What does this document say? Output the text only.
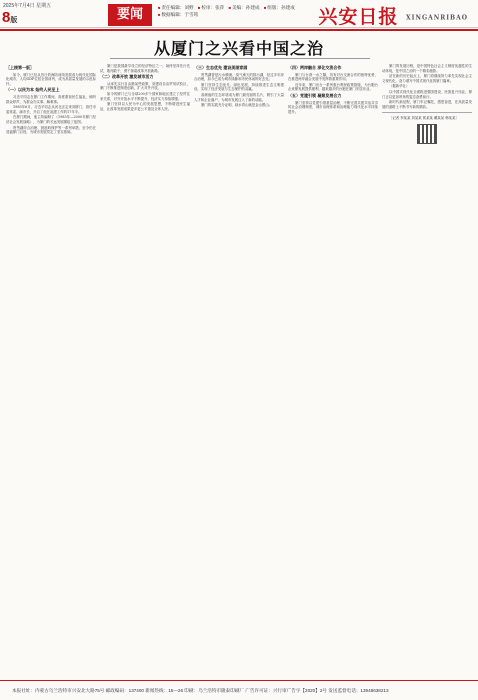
2025年7月4日 星期五
8版	要闻	■ 责任编辑：刘野 ■ 校审：张萍 ■ 美编：孙建成 ■ 组版：孙建成 ■ 数据编辑：于雪筠	兴安日报 XINGANRIBAO
从厦门之兴看中国之治
［上接第一版］

如今，厦门已经从昔日的海防前线发展成为现代化国际化城市，人均GDP位居全国前列，成为高质量发展的示范标杆。

（一）以民为本 始终人民至上

习近平同志在厦门工作期间，高度重视民生福祉，倾听群众呼声，为群众办实事、解难事。

1985年6月，习近平同志从河北正定来到厦门，担任市委常委、副市长，开启了他在福建工作的17年半。

在厦门期间，他主持编制了《1985年—2000年厦门经济社会发展战略》，为厦门的长远发展描绘了蓝图。

筼筜湖综合治理、鼓浪屿保护等一系列举措，至今仍在造福厦门百姓，为城市发展奠定了坚实基础。

厦门是我国最早设立的经济特区之一，始终坚持先行先试，敢闯敢干，勇于探索改革开放新路。

（二）改革开放 激发城市活力

从率先实行自由港某些政策，到建设自由贸易试验区，厦门不断推进制度创新，扩大对外开放。

如今的厦门已与全球200多个国家和地区建立了经贸往来关系，对外开放水平不断提升，经济实力持续增强。

厦门坚持以人民为中心的发展思想，不断增进民生福祉，让改革发展成果更多更公平惠及全体人民。

（三）生态优先 建设美丽家园

筼筜湖曾是污水横流、臭气熏天的排污湖，经过多年综合治理，如今已成为城市绿肺和市民休闲的好去处。

厦门坚持生态优先、绿色发展，持续推进生态文明建设，实现了经济发展与生态保护的双赢。

高颜值的生态环境成为厦门最亮丽的名片，吸引了大量人才和企业落户，为城市发展注入了新的动能。

厦门的实践充分证明，绿水青山就是金山银山。

（四）两岸融合 深化交流合作

厦门与台湾一水之隔，具有对台交流合作的独特优势，在推进两岸融合发展中发挥着重要作用。

近年来，厦门出台一系列惠台利民政策措施，为台胞台企来厦发展提供便利，越来越多的台胞在厦门安居乐业。

（五）党建引领 凝聚发展合力

厦门坚持以党建引领基层治理，不断完善共建共治共享的社会治理制度，城市治理体系和治理能力现代化水平持续提升。

厦门的发展历程，是中国特色社会主义制度优越性的生动体现，是中国之治的一个精彩缩影。

站在新的历史起点上，厦门将继续努力率先实现社会主义现代化，奋力谱写中国式现代化的厦门篇章。

（据新华社）

以中国式现代化全面推进强国建设、民族复兴伟业，厦门正以更加昂扬的姿态奋勇前行。

新时代新征程，厦门牢记嘱托，感恩奋进，在高质量发展的道路上不断书写新的精彩。

［记者 李某某 刘某某 郭某某 戴某某 韩某某］

本报社址：内蒙古乌兰浩特市兴安北大路75号 邮政编码：137400 新闻热线：15—26 印刷：乌兰浩特市隆泰印刷厂 广告许可证：兴行审广告字【2020】2号 发送监督电话：13948638213
